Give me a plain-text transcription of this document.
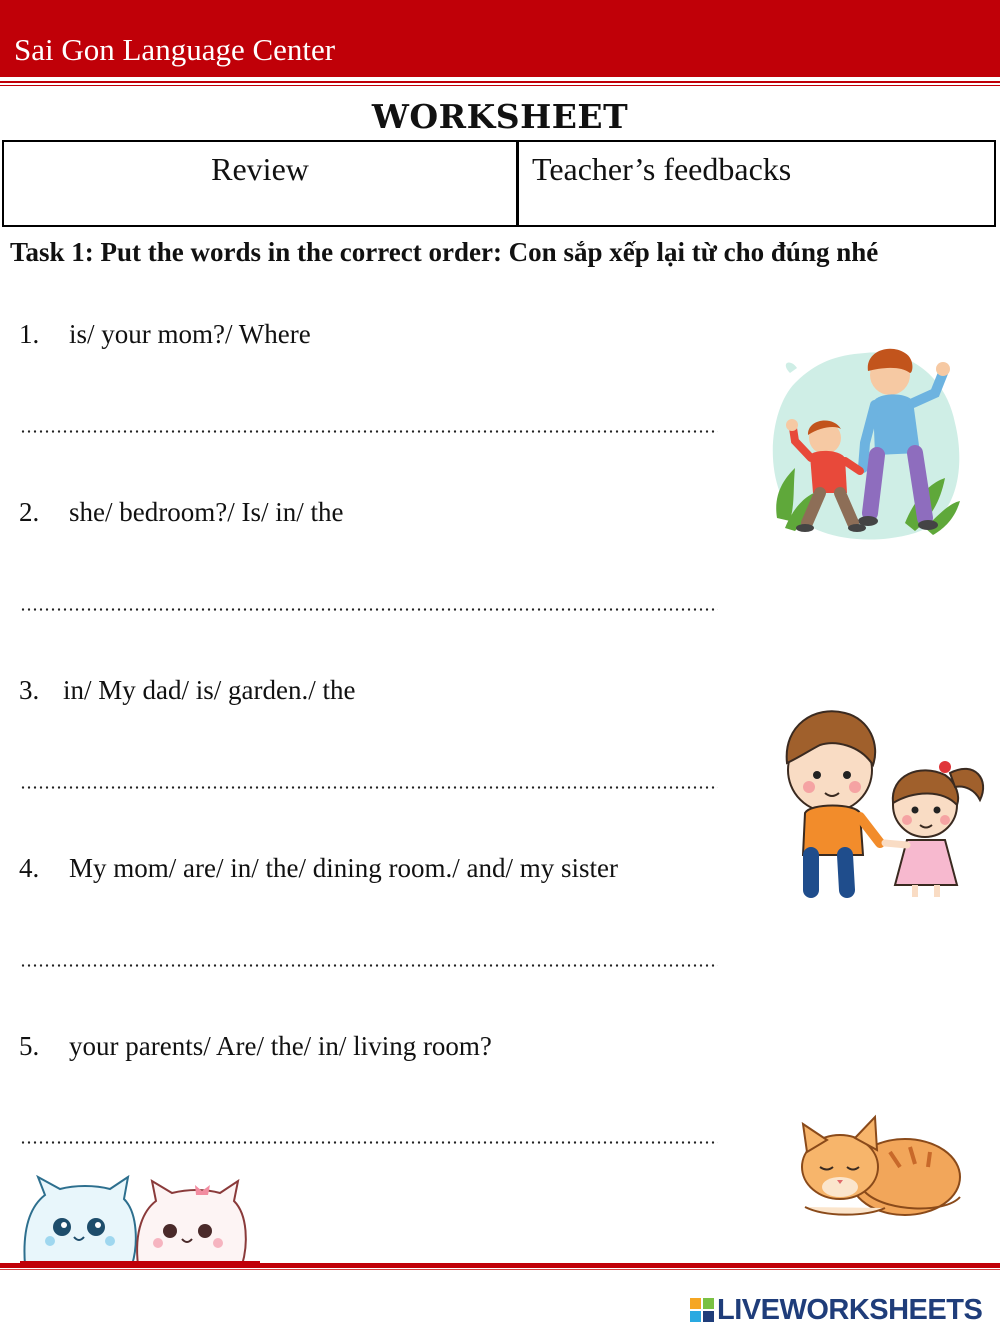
Sai Gon Language Center
WORKSHEET
Review	Teacher’s feedbacks
Task 1: Put the words in the correct order: Con sắp xếp lại từ cho đúng nhé
1. is/ your mom?/ Where
2. she/ bedroom?/ Is/ in/ the
3. in/ My dad/ is/ garden./ the
4. My mom/ are/ in/ the/ dining room./ and/ my sister
5. your parents/ Are/ the/ in/ living room?
LIVEWORKSHEETS
